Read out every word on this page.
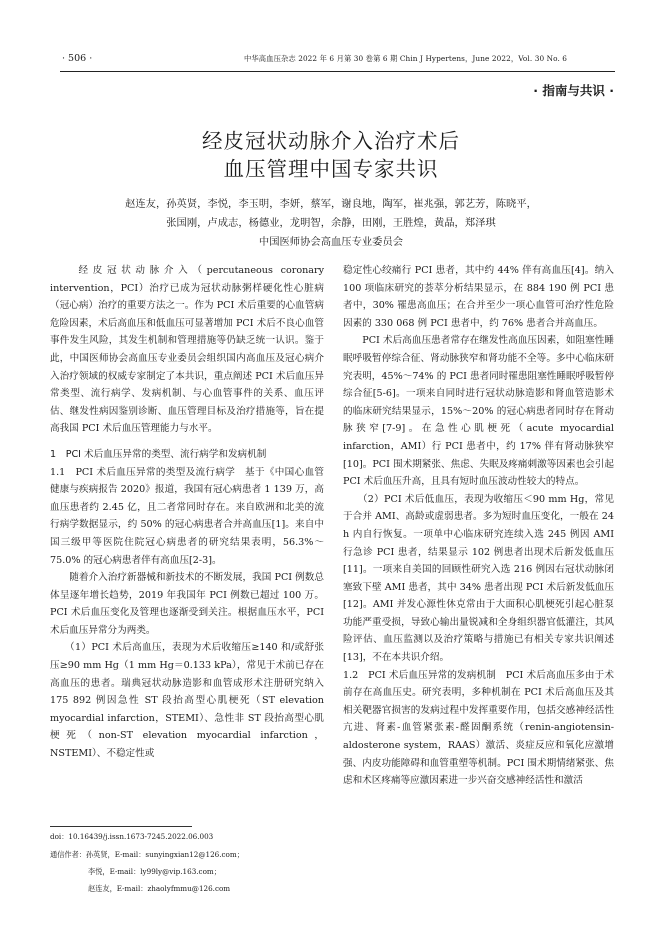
· 506 ·	中华高血压杂志 2022 年 6 月第 30 卷第 6 期 Chin J Hypertens，June 2022，Vol. 30 No. 6
· 指南与共识 ·
经皮冠状动脉介入治疗术后
血压管理中国专家共识
赵连友，孙英贤，李悦，李玉明，李妍，蔡军，谢良地，陶军，崔兆强，郭艺芳，陈晓平，
张国刚，卢成志，杨德业，龙明智，余静，田刚，王胜煌，黄晶，郑泽琪
中国医师协会高血压专业委员会

　　经皮冠状动脉介入（percutaneous coronary intervention，PCI）治疗已成为冠状动脉粥样硬化性心脏病（冠心病）治疗的重要方法之一。作为 PCI 术后重要的心血管病危险因素，术后高血压和低血压可显著增加 PCI 术后不良心血管事件发生风险，其发生机制和管理措施等仍缺乏统一认识。鉴于此，中国医师协会高血压专业委员会组织国内高血压及冠心病介入治疗领域的权威专家制定了本共识，重点阐述 PCI 术后血压异常类型、流行病学、发病机制、与心血管事件的关系、血压评估、继发性病因鉴别诊断、血压管理目标及治疗措施等，旨在提高我国 PCI 术后血压管理能力与水平。

1　PCI 术后血压异常的类型、流行病学和发病机制

1.1　PCI 术后血压异常的类型及流行病学　基于《中国心血管健康与疾病报告 2020》报道，我国有冠心病患者 1 139 万，高血压患者约 2.45 亿，且二者常同时存在。来自欧洲和北美的流行病学数据显示，约 50% 的冠心病患者合并高血压[1]。来自中国三级甲等医院住院冠心病患者的研究结果表明，56.3%～75.0% 的冠心病患者伴有高血压[2-3]。

　　随着介入治疗新器械和新技术的不断发展，我国 PCI 例数总体呈逐年增长趋势，2019 年我国年 PCI 例数已超过 100 万。PCI 术后血压变化及管理也逐渐受到关注。根据血压水平，PCI 术后血压异常分为两类。

　　（1）PCI 术后高血压，表现为术后收缩压≥140 和/或舒张压≥90 mm Hg（1 mm Hg＝0.133 kPa），常见于术前已存在高血压的患者。瑞典冠状动脉造影和血管成形术注册研究纳入 175 892 例因急性 ST 段抬高型心肌梗死（ST elevation myocardial infarction，STEMI）、急性非 ST 段抬高型心肌梗死（non-ST elevation myocardial infarction，NSTEMI）、不稳定性或

稳定性心绞痛行 PCI 患者，其中约 44% 伴有高血压[4]。纳入 100 项临床研究的荟萃分析结果显示，在 884 190 例 PCI 患者中，30% 罹患高血压；在合并至少一项心血管可治疗性危险因素的 330 068 例 PCI 患者中，约 76% 患者合并高血压。

　　PCI 术后高血压患者常存在继发性高血压因素，如阻塞性睡眠呼吸暂停综合征、肾动脉狭窄和肾功能不全等。多中心临床研究表明，45%～74% 的 PCI 患者同时罹患阻塞性睡眠呼吸暂停综合征[5-6]。一项来自同时进行冠状动脉造影和肾血管造影术的临床研究结果显示，15%～20% 的冠心病患者同时存在肾动脉狭窄[7-9]。在急性心肌梗死（acute myocardial infarction，AMI）行 PCI 患者中，约 17% 伴有肾动脉狭窄[10]。PCI 围术期紧张、焦虑、失眠及疼痛刺激等因素也会引起 PCI 术后血压升高，且具有短时血压波动性较大的特点。

　　（2）PCI 术后低血压，表现为收缩压＜90 mm Hg，常见于合并 AMI、高龄或虚弱患者。多为短时血压变化，一般在 24 h 内自行恢复。一项单中心临床研究连续入选 245 例因 AMI 行急诊 PCI 患者，结果显示 102 例患者出现术后新发低血压[11]。一项来自美国的回顾性研究入选 216 例因右冠状动脉闭塞致下壁 AMI 患者，其中 34% 患者出现 PCI 术后新发低血压[12]。AMI 并发心源性休克常由于大面积心肌梗死引起心脏泵功能严重受损，导致心输出量锐减和全身组织器官低灌注，其风险评估、血压监测以及治疗策略与措施已有相关专家共识阐述[13]，不在本共识介绍。

1.2　PCI 术后血压异常的发病机制　PCI 术后高血压多由于术前存在高血压史。研究表明，多种机制在 PCI 术后高血压及其相关靶器官损害的发病过程中发挥重要作用，包括交感神经活性亢进、肾素-血管紧张素-醛固酮系统（renin-angiotensin-aldosterone system，RAAS）激活、炎症反应和氧化应激增强、内皮功能障碍和血管重塑等机制。PCI 围术期情绪紧张、焦虑和术区疼痛等应激因素进一步兴奋交感神经活性和激活

doi：10.16439/j.issn.1673-7245.2022.06.003
通信作者：孙英贤，E-mail：sunyingxian12@126.com；
李悦，E-mail：ly99ly@vip.163.com；
赵连友，E-mail：zhaolyfmmu@126.com
